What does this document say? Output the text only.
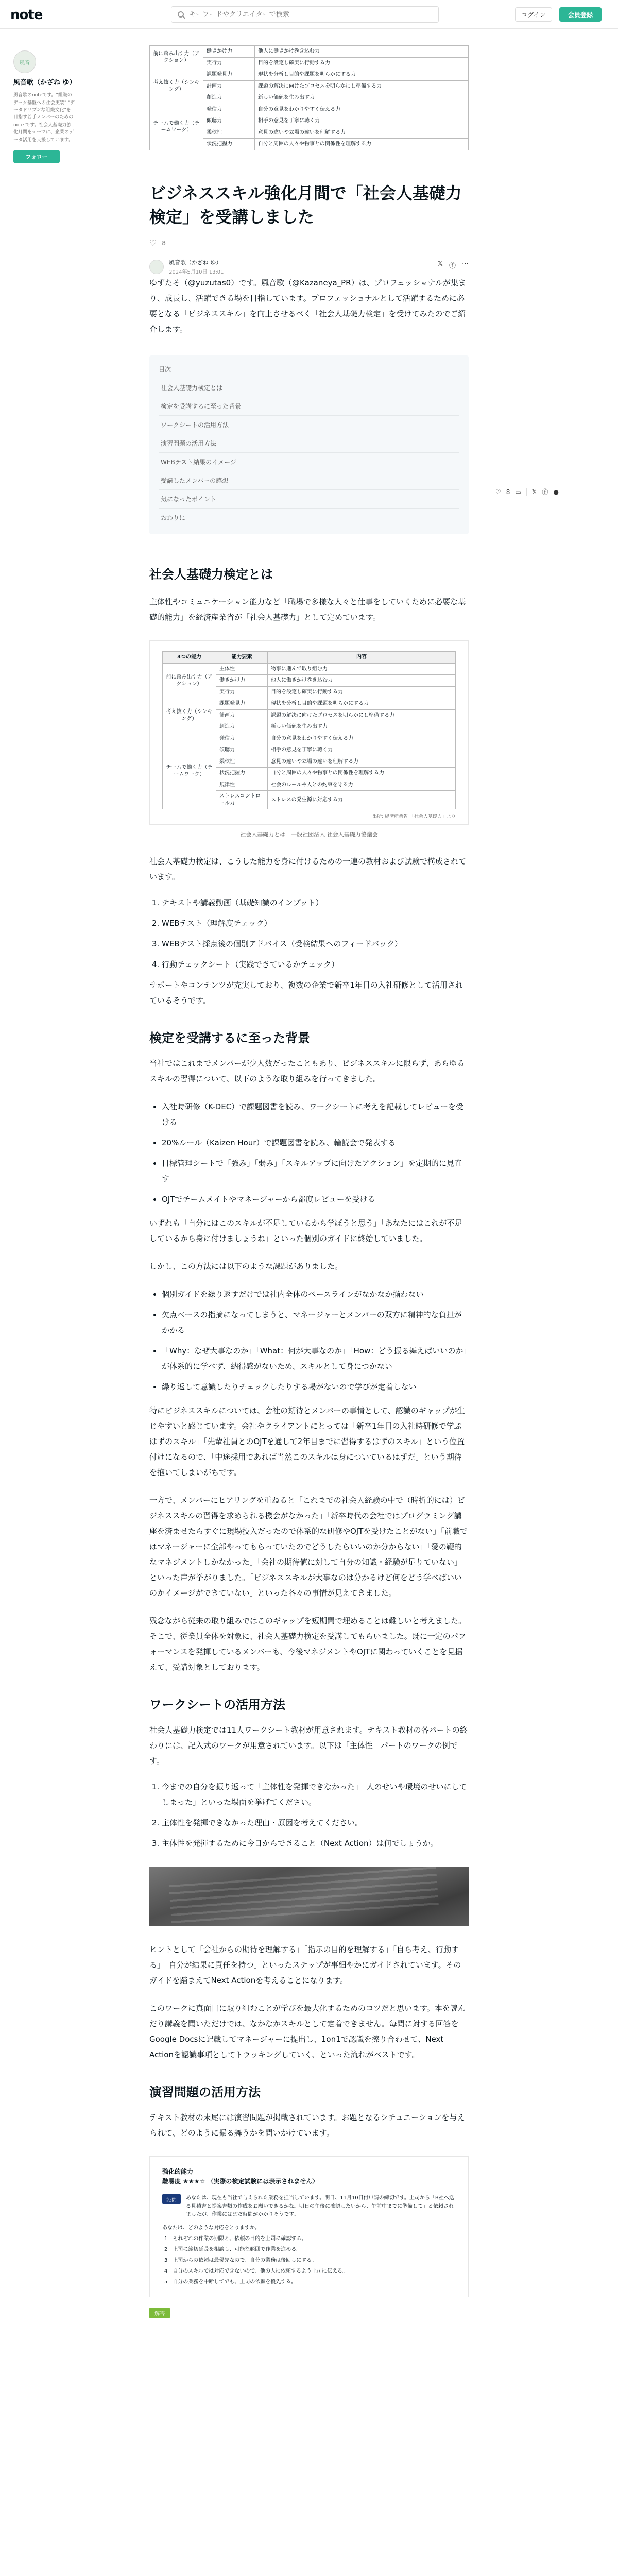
note
キーワードやクリエイターで検索	ログイン	会員登録
風音
風音歌（かざね ゆ）
風音歌のnoteです。"組織のデータ基盤への社会実装" "データドリブンな組織文化"を目指す若手メンバーのためのnote です。社会人基礎力強化月間をテーマに、企業のデータ活用を支援しています。
フォロー
♡ 8 ▭ 𝕏 ⓕ ●
前に踏み出す力（アクション）	働きかけ力	他人に働きかけ巻き込む力
	実行力	目的を設定し確実に行動する力
考え抜く力（シンキング）	課題発見力	現状を分析し目的や課題を明らかにする力
	計画力	課題の解決に向けたプロセスを明らかにし準備する力
	創造力	新しい価値を生み出す力
チームで働く力（チームワーク）	発信力	自分の意見をわかりやすく伝える力
	傾聴力	相手の意見を丁寧に聴く力
	柔軟性	意見の違いや立場の違いを理解する力
	状況把握力	自分と周囲の人々や物事との関係性を理解する力
ビジネススキル強化月間で「社会人基礎力検定」を受講しました
♡ 8
風音歌（かざね ゆ）
2024年5月10日 13:01
𝕏 ⓕ ⋯

ゆずたそ（@yuzutas0）です。風音歌（@Kazaneya_PR）は、プロフェッショナルが集まり、成長し、活躍できる場を目指しています。プロフェッショナルとして活躍するために必要となる「ビジネススキル」を向上させるべく「社会人基礎力検定」を受けてみたのでご紹介します。

目次
社会人基礎力検定とは
検定を受講するに至った背景
ワークシートの活用方法
演習問題の活用方法
WEBテスト結果のイメージ
受講したメンバーの感想
気になったポイント
おわりに
社会人基礎力検定とは

主体性やコミュニケーション能力など「職場で多様な人々と仕事をしていくために必要な基礎的能力」を経済産業省が「社会人基礎力」として定めています。

3つの能力	能力要素	内容
前に踏み出す力（アクション）	主体性	物事に進んで取り組む力
	働きかけ力	他人に働きかけ巻き込む力
	実行力	目的を設定し確実に行動する力
考え抜く力（シンキング）	課題発見力	現状を分析し目的や課題を明らかにする力
	計画力	課題の解決に向けたプロセスを明らかにし準備する力
	創造力	新しい価値を生み出す力
チームで働く力（チームワーク）	発信力	自分の意見をわかりやすく伝える力
	傾聴力	相手の意見を丁寧に聴く力
	柔軟性	意見の違いや立場の違いを理解する力
	状況把握力	自分と周囲の人々や物事との関係性を理解する力
	規律性	社会のルールや人との約束を守る力
	ストレスコントロール力	ストレスの発生源に対応する力
出所: 経済産業省 「社会人基礎力」より
社会人基礎力とは　—般社団法人 社会人基礎力協議会

社会人基礎力検定は、こうした能力を身に付けるための一連の教材および試験で構成されています。

1. テキストや講義動画（基礎知識のインプット）
2. WEBテスト（理解度チェック）
3. WEBテスト採点後の個別アドバイス（受検結果へのフィードバック）
4. 行動チェックシート（実践できているかチェック）

サポートやコンテンツが充実しており、複数の企業で新卒1年目の入社研修として活用されているそうです。

検定を受講するに至った背景

当社ではこれまでメンバーが少人数だったこともあり、ビジネススキルに限らず、あらゆるスキルの習得について、以下のような取り組みを行ってきました。

• 入社時研修（K-DEC）で課題図書を読み、ワークシートに考えを記載してレビューを受ける
• 20%ルール（Kaizen Hour）で課題図書を読み、輪読会で発表する
• 目標管理シートで「強み」「弱み」「スキルアップに向けたアクション」を定期的に見直す
• OJTでチームメイトやマネージャーから都度レビューを受ける

いずれも「自分にはこのスキルが不足しているから学ぼうと思う」「あなたにはこれが不足しているから身に付けましょうね」といった個別のガイドに終始していました。

しかし、この方法には以下のような課題がありました。

• 個別ガイドを繰り返すだけでは社内全体のベースラインがなかなか揃わない
• 欠点ベースの指摘になってしまうと、マネージャーとメンバーの双方に精神的な負担がかかる
• 「Why：なぜ大事なのか」「What：何が大事なのか」「How：どう振る舞えばいいのか」が体系的に学べず、納得感がないため、スキルとして身につかない
• 繰り返して意識したりチェックしたりする場がないので学びが定着しない

特にビジネススキルについては、会社の期待とメンバーの事情として、認識のギャップが生じやすいと感じています。会社やクライアントにとっては「新卒1年目の入社時研修で学ぶはずのスキル」「先輩社員とのOJTを通して2年目までに習得するはずのスキル」という位置付けになるので、「中途採用であれば当然このスキルは身についているはずだ」という期待を抱いてしまいがちです。

一方で、メンバーにヒアリングを重ねると「これまでの社会人経験の中で（時折的には）ビジネススキルの習得を求められる機会がなかった」「新卒時代の会社ではプログラミング講座を済ませたらすぐに現場投入だったので体系的な研修やOJTを受けたことがない」「前職ではマネージャーに全部やってもらっていたのでどうしたらいいのか分からない」「愛の鞭的なマネジメントしかなかった」「会社の期待値に対して自分の知識・経験が足りていない」といった声が挙がりました。「ビジネススキルが大事なのは分かるけど何をどう学べばいいのかイメージができていない」といった各々の事情が見えてきました。

残念ながら従来の取り組みではこのギャップを短期間で埋めることは難しいと考えました。そこで、従業員全体を対象に、社会人基礎力検定を受講してもらいました。既に一定のパフォーマンスを発揮しているメンバーも、今後マネジメントやOJTに関わっていくことを見据えて、受講対象としております。

ワークシートの活用方法

社会人基礎力検定では11人ワークシート教材が用意されます。テキスト教材の各パートの終わりには、記入式のワークが用意されています。以下は「主体性」パートのワークの例です。

1. 今までの自分を振り返って「主体性を発揮できなかった」「人のせいや環境のせいにしてしまった」といった場面を挙げてください。
2. 主体性を発揮できなかった理由・原因を考えてください。
3. 主体性を発揮するために今日からできること（Next Action）は何でしょうか。

ヒントとして「会社からの期待を理解する」「指示の目的を理解する」「自ら考え、行動する」「自分が結果に責任を持つ」といったステップが事細やかにガイドされています。そのガイドを踏まえてNext Actionを考えることになります。

このワークに真面目に取り組むことが学びを最大化するためのコツだと思います。本を読んだり講義を聞いただけでは、なかなかスキルとして定着できません。毎問に対する回答をGoogle Docsに記載してマネージャーに提出し、1on1で認識を擦り合わせて、Next Actionを認識事項としてトラッキングしていく、といった流れがベストです。

演習問題の活用方法

テキスト教材の末尾には演習問題が掲載されています。お題となるシチュエーションを与えられて、どのように振る舞うかを問いかけています。

強化的能力
難易度 ★★★☆ 〈実際の検定試験には表示されません〉
設問	あなたは、現在も当社で与えられた業務を担当しています。明日、11月10日付申請の締切です。上司から「B社へ送る見積書と提案書類の作成をお願いできるかな。明日の午後に確認したいから、午前中までに準備して」と依頼されましたが、作業にはまだ時間がかかりそうです。
あなたは、どのような対応をとりますか。
1　それぞれの作業の期限と、依頼の目的を上司に確認する。
2　上司に締切延長を相談し、可能な範囲で作業を進める。
3　上司からの依頼は最優先なので、自分の業務は後回しにする。
4　自分のスキルでは対応できないので、他の人に依頼するよう上司に伝える。
5　自分の業務を中断してでも、上司の依頼を優先する。
解答
